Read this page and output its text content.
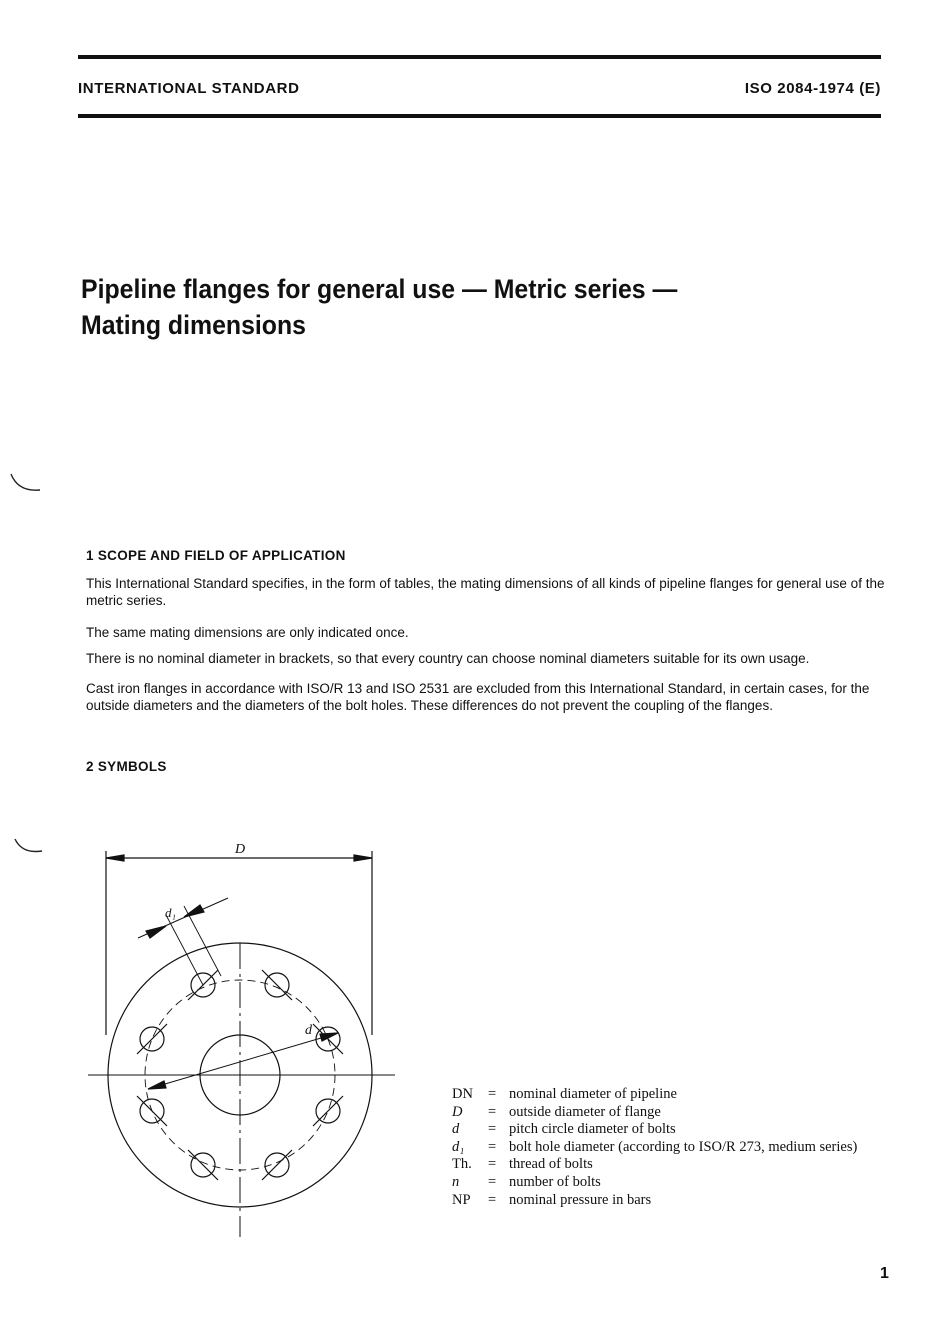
INTERNATIONAL STANDARD	ISO 2084-1974 (E)
Pipeline flanges for general use — Metric series —
Mating dimensions
1 SCOPE AND FIELD OF APPLICATION

This International Standard specifies, in the form of tables, the mating dimensions of all kinds of pipeline flanges for general use of the metric series.

The same mating dimensions are only indicated once.

There is no nominal diameter in brackets, so that every country can choose nominal diameters suitable for its own usage.

Cast iron flanges in accordance with ISO/R 13 and ISO 2531 are excluded from this International Standard, in certain cases, for the outside diameters and the diameters of the bolt holes. These differences do not prevent the coupling of the flanges.

2 SYMBOLS
D
d
d₁
DN	= nominal diameter of pipeline
D	= outside diameter of flange
d	= pitch circle diameter of bolts
d₁	= bolt hole diameter (according to ISO/R 273, medium series)
Th.	= thread of bolts
n	= number of bolts
NP	= nominal pressure in bars
1
